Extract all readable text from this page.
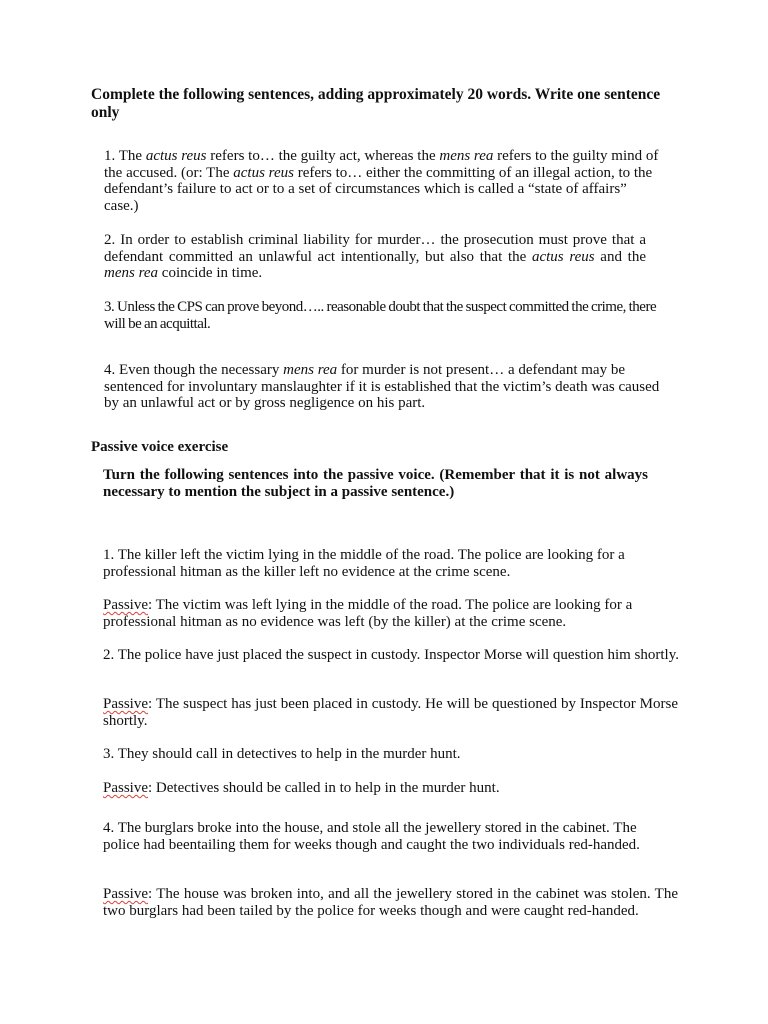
Complete the following sentences, adding approximately 20 words. Write one sentence only
1. The actus reus refers to… the guilty act, whereas the mens rea refers to the guilty mind of the accused. (or: The actus reus refers to… either the committing of an illegal action, to the defendant’s failure to act or to a set of circumstances which is called a “state of affairs” case.)
2. In order to establish criminal liability for murder… the prosecution must prove that a defendant committed an unlawful act intentionally, but also that the actus reus and the mens rea coincide in time.
3. Unless the CPS can prove beyond….. reasonable doubt that the suspect committed the crime, there will be an acquittal.
4. Even though the necessary mens rea for murder is not present… a defendant may be sentenced for involuntary manslaughter if it is established that the victim’s death was caused by an unlawful act or by gross negligence on his part.
Passive voice exercise
Turn the following sentences into the passive voice. (Remember that it is not always necessary to mention the subject in a passive sentence.)
1. The killer left the victim lying in the middle of the road. The police are looking for a professional hitman as the killer left no evidence at the crime scene.
Passive: The victim was left lying in the middle of the road. The police are looking for a professional hitman as no evidence was left (by the killer) at the crime scene.
2. The police have just placed the suspect in custody. Inspector Morse will question him shortly.
Passive: The suspect has just been placed in custody. He will be questioned by Inspector Morse shortly.
3. They should call in detectives to help in the murder hunt.
Passive: Detectives should be called in to help in the murder hunt.
4. The burglars broke into the house, and stole all the jewellery stored in the cabinet. The police had beentailing them for weeks though and caught the two individuals red-handed.
Passive: The house was broken into, and all the jewellery stored in the cabinet was stolen. The two burglars had been tailed by the police for weeks though and were caught red-handed.
